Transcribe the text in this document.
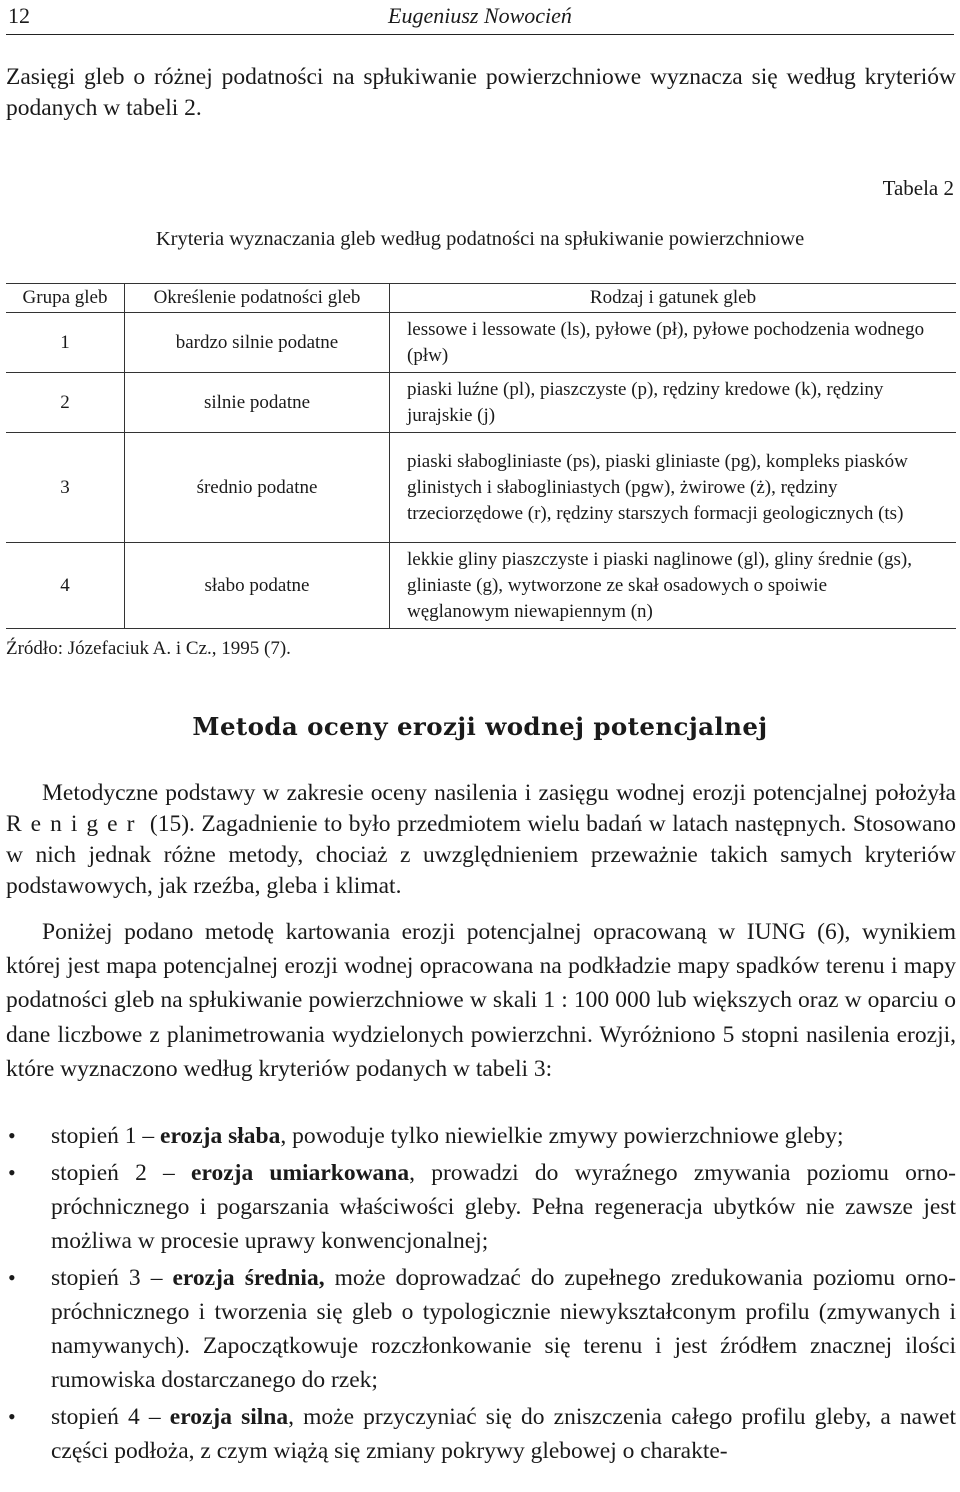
12	Eugeniusz Nowocień
Zasięgi gleb o różnej podatności na spłukiwanie powierzchniowe wyznacza się według kryteriów podanych w tabeli 2.
Tabela 2
Kryteria wyznaczania gleb według podatności na spłukiwanie powierzchniowe
Grupa gleb	Określenie podatności gleb	Rodzaj i gatunek gleb
1	bardzo silnie podatne	lessowe i lessowate (ls), pyłowe (pł), pyłowe pochodzenia wodnego (płw)

2	silnie podatne	piaski luźne (pl), piaszczyste (p), rędziny kredowe (k), rędziny jurajskie (j)

3	średnio podatne	piaski słabogliniaste (ps), piaski gliniaste (pg), kompleks piasków glinistych i słabogliniastych (pgw), żwirowe (ż), rędziny trzeciorzędowe (r), rędziny starszych formacji geologicznych (ts)

4	słabo podatne	lekkie gliny piaszczyste i piaski naglinowe (gl), gliny średnie (gs), gliniaste (g), wytworzone ze skał osadowych o spoiwie węglanowym niewapiennym (n)
Źródło: Józefaciuk A. i Cz., 1995 (7).
Metoda oceny erozji wodnej potencjalnej
Metodyczne podstawy w zakresie oceny nasilenia i zasięgu wodnej erozji potencjalnej położyła Reniger (15). Zagadnienie to było przedmiotem wielu badań w latach następnych. Stosowano w nich jednak różne metody, chociaż z uwzględnieniem przeważnie takich samych kryteriów podstawowych, jak rzeźba, gleba i klimat.
Poniżej podano metodę kartowania erozji potencjalnej opracowaną w IUNG (6), wynikiem której jest mapa potencjalnej erozji wodnej opracowana na podkładzie mapy spadków terenu i mapy podatności gleb na spłukiwanie powierzchniowe w skali 1 : 100 000 lub większych oraz w oparciu o dane liczbowe z planimetrowania wydzielonych powierzchni. Wyróżniono 5 stopni nasilenia erozji, które wyznaczono według kryteriów podanych w tabeli 3:
• stopień 1 – erozja słaba, powoduje tylko niewielkie zmywy powierzchniowe gleby;
• stopień 2 – erozja umiarkowana, prowadzi do wyraźnego zmywania poziomu orno-próchnicznego i pogarszania właściwości gleby. Pełna regeneracja ubytków nie zawsze jest możliwa w procesie uprawy konwencjonalnej;
• stopień 3 – erozja średnia, może doprowadzać do zupełnego zredukowania poziomu orno-próchnicznego i tworzenia się gleb o typologicznie niewykształconym profilu (zmywanych i namywanych). Zapoczątkowuje rozczłonkowanie się terenu i jest źródłem znacznej ilości rumowiska dostarczanego do rzek;
• stopień 4 – erozja silna, może przyczyniać się do zniszczenia całego profilu gleby, a nawet części podłoża, z czym wiążą się zmiany pokrywy glebowej o charakte-
